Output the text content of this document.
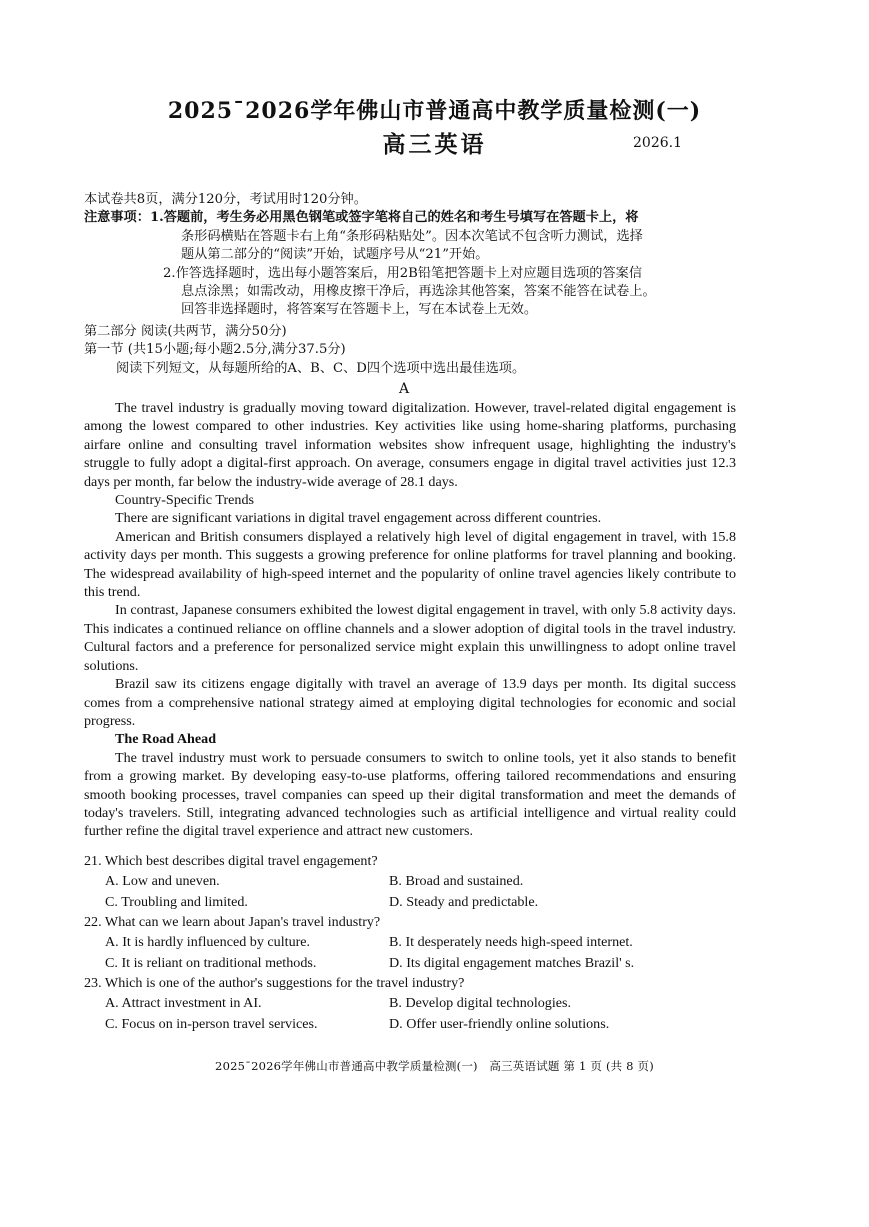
2025ˉ2026学年佛山市普通高中教学质量检测(一)
高三英语	2026.1
本试卷共8页，满分120分，考试用时120分钟。
注意事项： 1.答题前，考生务必用黑色钢笔或签字笔将自己的姓名和考生号填写在答题卡上，将
条形码横贴在答题卡右上角“条形码粘贴处”。因本次笔试不包含听力测试，选择
题从第二部分的“阅读”开始，试题序号从“21”开始。
2.作答选择题时，选出每小题答案后，用2B铅笔把答题卡上对应题目选项的答案信
息点涂黑；如需改动，用橡皮擦干净后，再选涂其他答案，答案不能答在试卷上。
回答非选择题时，将答案写在答题卡上，写在本试卷上无效。
第二部分 阅读(共两节，满分50分)
第一节 (共15小题;每小题2.5分,满分37.5分)
阅读下列短文，从每题所给的A、B、C、D四个选项中选出最佳选项。
A

The travel industry is gradually moving toward digitalization. However, travel-related digital engagement is among the lowest compared to other industries. Key activities like using home-sharing platforms, purchasing airfare online and consulting travel information websites show infrequent usage, highlighting the industry's struggle to fully adopt a digital-first approach. On average, consumers engage in digital travel activities just 12.3 days per month, far below the industry-wide average of 28.1 days.

Country-Specific Trends

There are significant variations in digital travel engagement across different countries.

American and British consumers displayed a relatively high level of digital engagement in travel, with 15.8 activity days per month. This suggests a growing preference for online platforms for travel planning and booking. The widespread availability of high-speed internet and the popularity of online travel agencies likely contribute to this trend.

In contrast, Japanese consumers exhibited the lowest digital engagement in travel, with only 5.8 activity days. This indicates a continued reliance on offline channels and a slower adoption of digital tools in the travel industry. Cultural factors and a preference for personalized service might explain this unwillingness to adopt online travel solutions.

Brazil saw its citizens engage digitally with travel an average of 13.9 days per month. Its digital success comes from a comprehensive national strategy aimed at employing digital technologies for economic and social progress.

The Road Ahead

The travel industry must work to persuade consumers to switch to online tools, yet it also stands to benefit from a growing market. By developing easy-to-use platforms, offering tailored recommendations and ensuring smooth booking processes, travel companies can speed up their digital transformation and meet the demands of today's travelers. Still, integrating advanced technologies such as artificial intelligence and virtual reality could further refine the digital travel experience and attract new customers.

21. Which best describes digital travel engagement?
A. Low and uneven.	B. Broad and sustained.
C. Troubling and limited.	D. Steady and predictable.
22. What can we learn about Japan's travel industry?
A. It is hardly influenced by culture.	B. It desperately needs high-speed internet.
C. It is reliant on traditional methods.	D. Its digital engagement matches Brazil' s.
23. Which is one of the author's suggestions for the travel industry?
A. Attract investment in AI.	B. Develop digital technologies.
C. Focus on in-person travel services.	D. Offer user-friendly online solutions.
2025ˉ2026学年佛山市普通高中教学质量检测(一)　高三英语试题 第 1 页 (共 8 页)
